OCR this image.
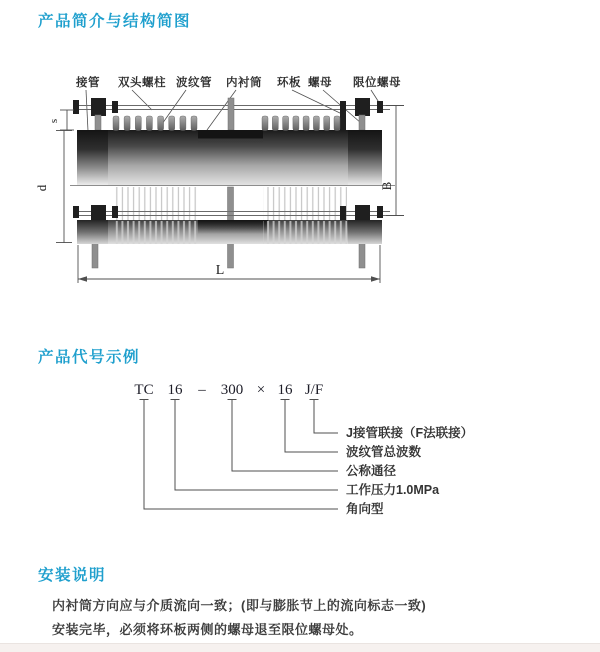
产品简介与结构简图
接管 双头螺柱 波纹管 内衬筒 环板 螺母 限位螺母
s
d	B
L
产品代号示例
TC 16 – 300 × 16 J/F
J接管联接（F法联接）
波纹管总波数
公称通径
工作压力1.0MPa
角向型
安装说明

内衬筒方向应与介质流向一致；(即与膨胀节上的流向标志一致)

安装完毕，必须将环板两侧的螺母退至限位螺母处。
